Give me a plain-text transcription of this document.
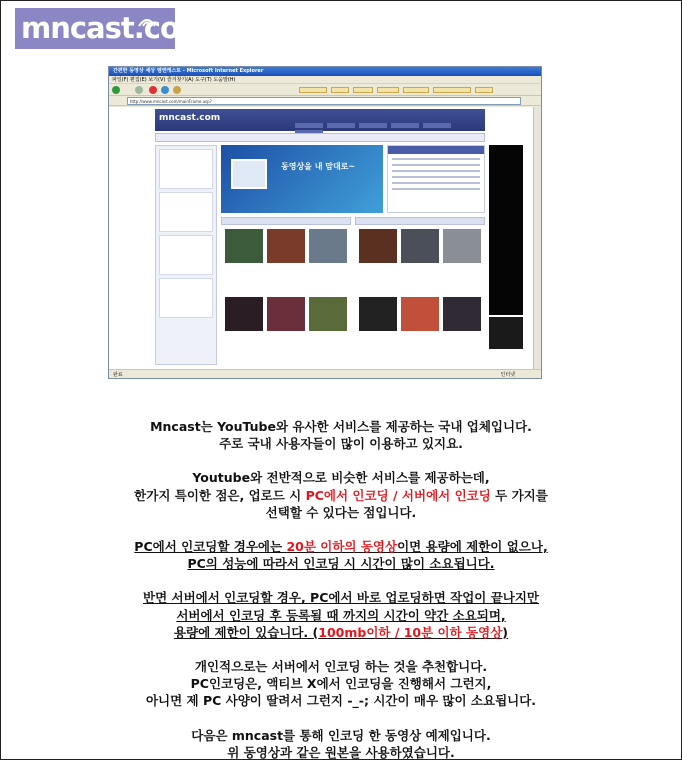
mncast.com
간편한 동영상 세상 엠엔캐스트 - Microsoft Internet Explorer
파일(F) 편집(E) 보기(V) 즐겨찾기(A) 도구(T) 도움말(H)
http://www.mncast.com/mainFrame.asp?
mncast.com
동영상을 내 맘대로~
완료	인터넷
Mncast는 YouTube와 유사한 서비스를 제공하는 국내 업체입니다.
주로 국내 사용자들이 많이 이용하고 있지요.
Youtube와 전반적으로 비슷한 서비스를 제공하는데,
한가지 특이한 점은, 업로드 시 PC에서 인코딩 / 서버에서 인코딩 두 가지를
선택할 수 있다는 점입니다.
PC에서 인코딩할 경우에는 20분 이하의 동영상이면 용량에 제한이 없으나,
PC의 성능에 따라서 인코딩 시 시간이 많이 소요됩니다.
반면 서버에서 인코딩할 경우, PC에서 바로 업로딩하면 작업이 끝나지만
서버에서 인코딩 후 등록될 때 까지의 시간이 약간 소요되며,
용량에 제한이 있습니다. (100mb이하 / 10분 이하 동영상)
개인적으로는 서버에서 인코딩 하는 것을 추천합니다.
PC인코딩은, 액티브 X에서 인코딩을 진행해서 그런지,
아니면 제 PC 사양이 딸려서 그런지 -_-; 시간이 매우 많이 소요됩니다.
다음은 mncast를 통해 인코딩 한 동영상 예제입니다.
위 동영상과 같은 원본을 사용하였습니다.
